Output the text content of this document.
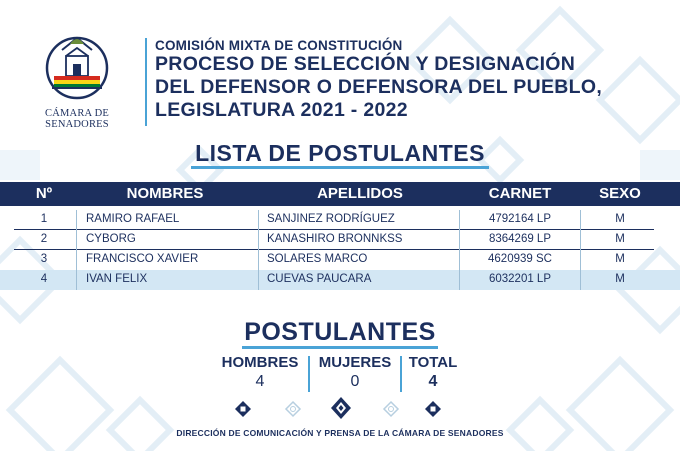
CÁMARA DE SENADORES
COMISIÓN MIXTA DE CONSTITUCIÓN
PROCESO DE SELECCIÓN Y DESIGNACIÓN
DEL DEFENSOR O DEFENSORA DEL PUEBLO,
LEGISLATURA 2021 - 2022
LISTA DE POSTULANTES
Nº	NOMBRES	APELLIDOS	CARNET	SEXO
1	RAMIRO RAFAEL	SANJINEZ RODRÍGUEZ	4792164 LP	M
2	CYBORG	KANASHIRO BRONNKSS	8364269 LP	M
3	FRANCISCO XAVIER	SOLARES MARCO	4620939 SC	M
4	IVAN FELIX	CUEVAS PAUCARA	6032201 LP	M
POSTULANTES
HOMBRES
4
MUJERES
0
TOTAL
4
DIRECCIÓN DE COMUNICACIÓN Y PRENSA DE LA CÁMARA DE SENADORES
